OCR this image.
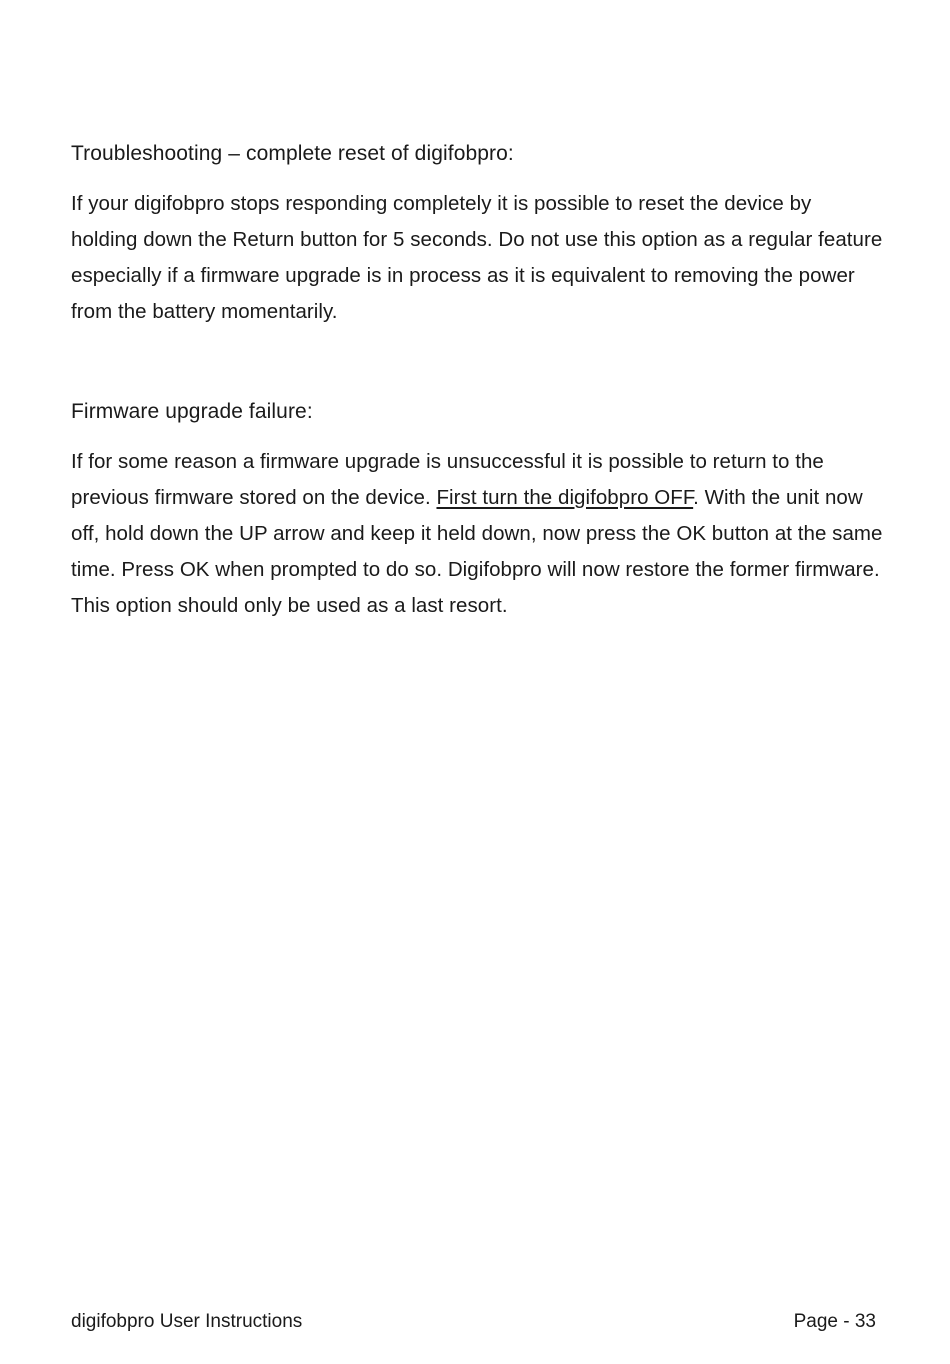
Troubleshooting – complete reset of digifobpro:

If your digifobpro stops responding completely it is possible to reset the device by holding down the Return button for 5 seconds. Do not use this option as a regular feature especially if a firmware upgrade is in process as it is equivalent to removing the power from the battery momentarily.

Firmware upgrade failure:

If for some reason a firmware upgrade is unsuccessful it is possible to return to the previous firmware stored on the device. First turn the digifobpro OFF. With the unit now off, hold down the UP arrow and keep it held down, now press the OK button at the same time. Press OK when prompted to do so. Digifobpro will now restore the former firmware. This option should only be used as a last resort.

digifobpro User Instructions	Page - 33
